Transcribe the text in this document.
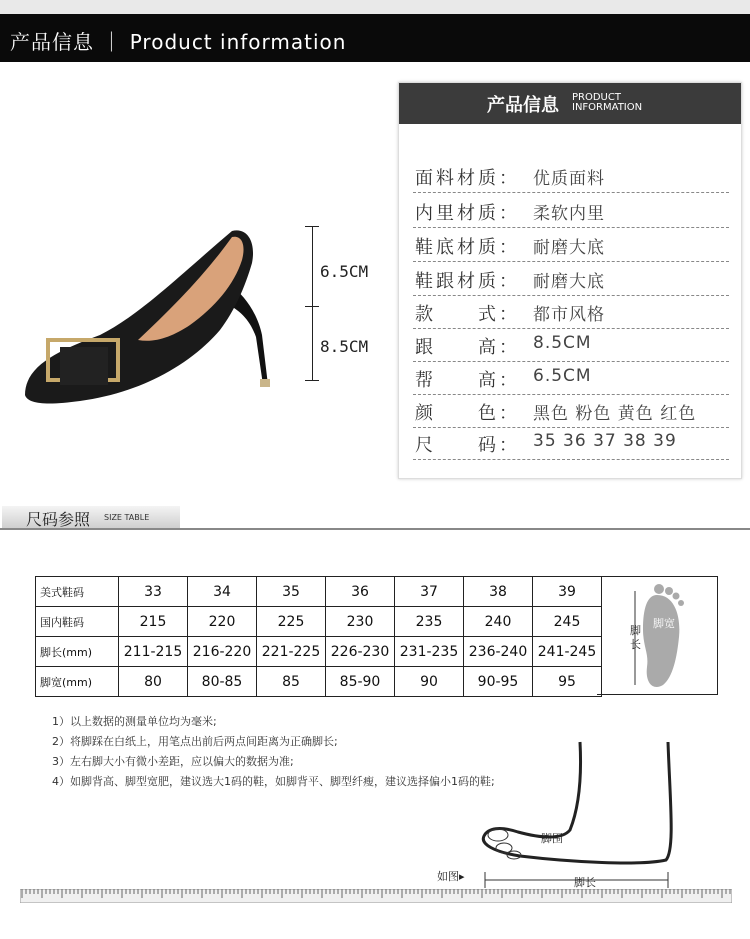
产品信息 ｜ Product information
6.5CM
8.5CM
产品信息 PRODUCT
INFORMATION
面料材质： 优质面料
内里材质： 柔软内里
鞋底材质： 耐磨大底
鞋跟材质： 耐磨大底
款　　式： 都市风格
跟　　高： 8.5CM
帮　　高： 6.5CM
颜　　色： 黑色 粉色 黄色 红色
尺　　码： 35 36 37 38 39
尺码参照 SIZE TABLE
美式鞋码	33	34	35	36	37	38	39
国内鞋码	215	220	225	230	235	240	245
脚长(mm)	211-215	216-220	221-225	226-230	231-235	236-240	241-245
脚宽(mm)	80	80-85	85	85-90	90	90-95	95
脚长
脚宽
1）以上数据的测量单位均为毫米;
2）将脚踩在白纸上，用笔点出前后两点间距离为正确脚长;
3）左右脚大小有微小差距，应以偏大的数据为准;
4）如脚背高、脚型宽肥，建议选大1码的鞋，如脚背平、脚型纤瘦，建议选择偏小1码的鞋;
脚围
脚长
如图▸
